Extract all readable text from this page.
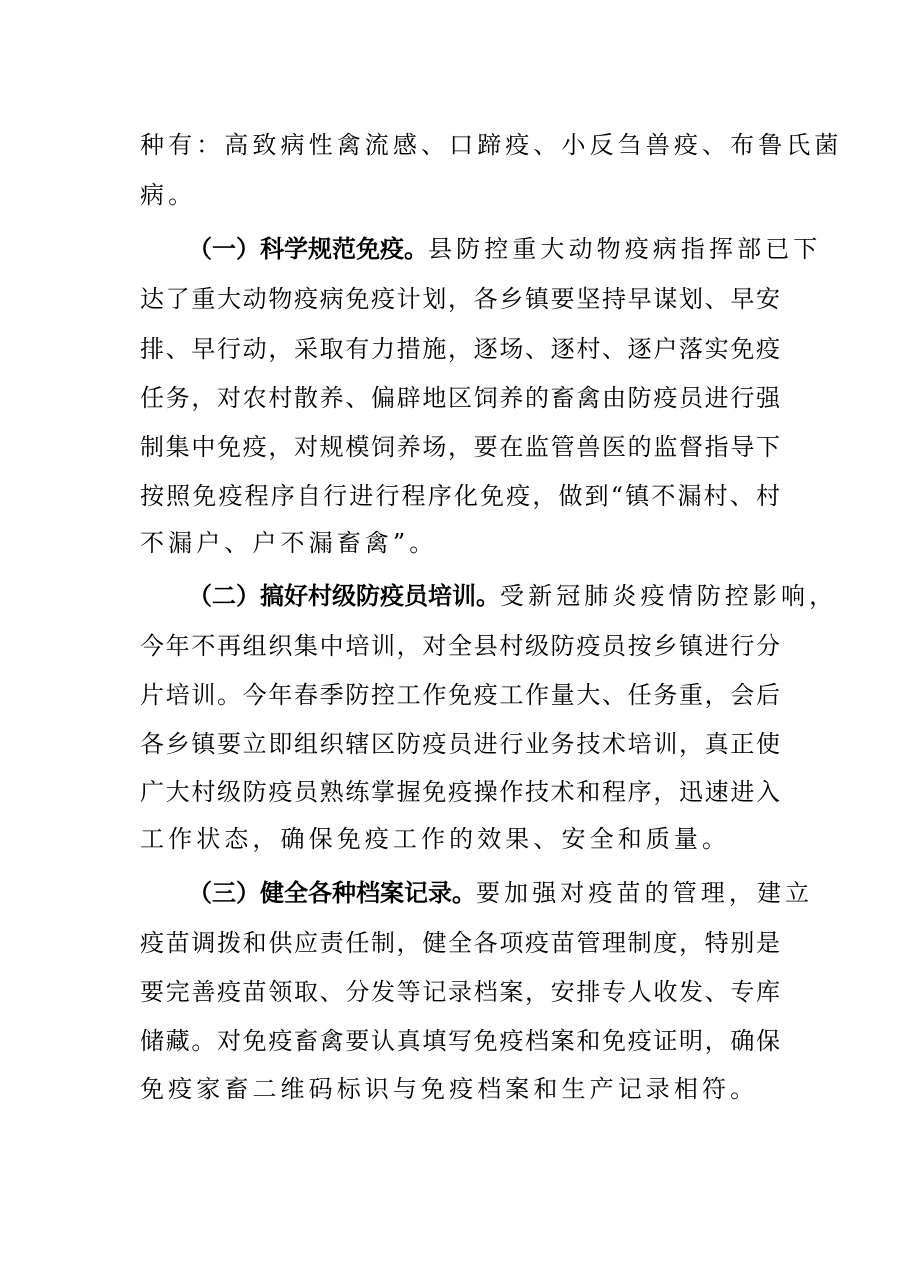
种有：高致病性禽流感、口蹄疫、小反刍兽疫、布鲁氏菌
病。
（一）科学规范免疫。县防控重大动物疫病指挥部已下
达了重大动物疫病免疫计划，各乡镇要坚持早谋划、早安
排、早行动，采取有力措施，逐场、逐村、逐户落实免疫
任务，对农村散养、偏辟地区饲养的畜禽由防疫员进行强
制集中免疫，对规模饲养场，要在监管兽医的监督指导下
按照免疫程序自行进行程序化免疫，做到“镇不漏村、村
不漏户、户不漏畜禽”。
（二）搞好村级防疫员培训。受新冠肺炎疫情防控影响，
今年不再组织集中培训，对全县村级防疫员按乡镇进行分
片培训。今年春季防控工作免疫工作量大、任务重，会后
各乡镇要立即组织辖区防疫员进行业务技术培训，真正使
广大村级防疫员熟练掌握免疫操作技术和程序，迅速进入
工作状态，确保免疫工作的效果、安全和质量。
（三）健全各种档案记录。要加强对疫苗的管理，建立
疫苗调拨和供应责任制，健全各项疫苗管理制度，特别是
要完善疫苗领取、分发等记录档案，安排专人收发、专库
储藏。对免疫畜禽要认真填写免疫档案和免疫证明，确保
免疫家畜二维码标识与免疫档案和生产记录相符。
